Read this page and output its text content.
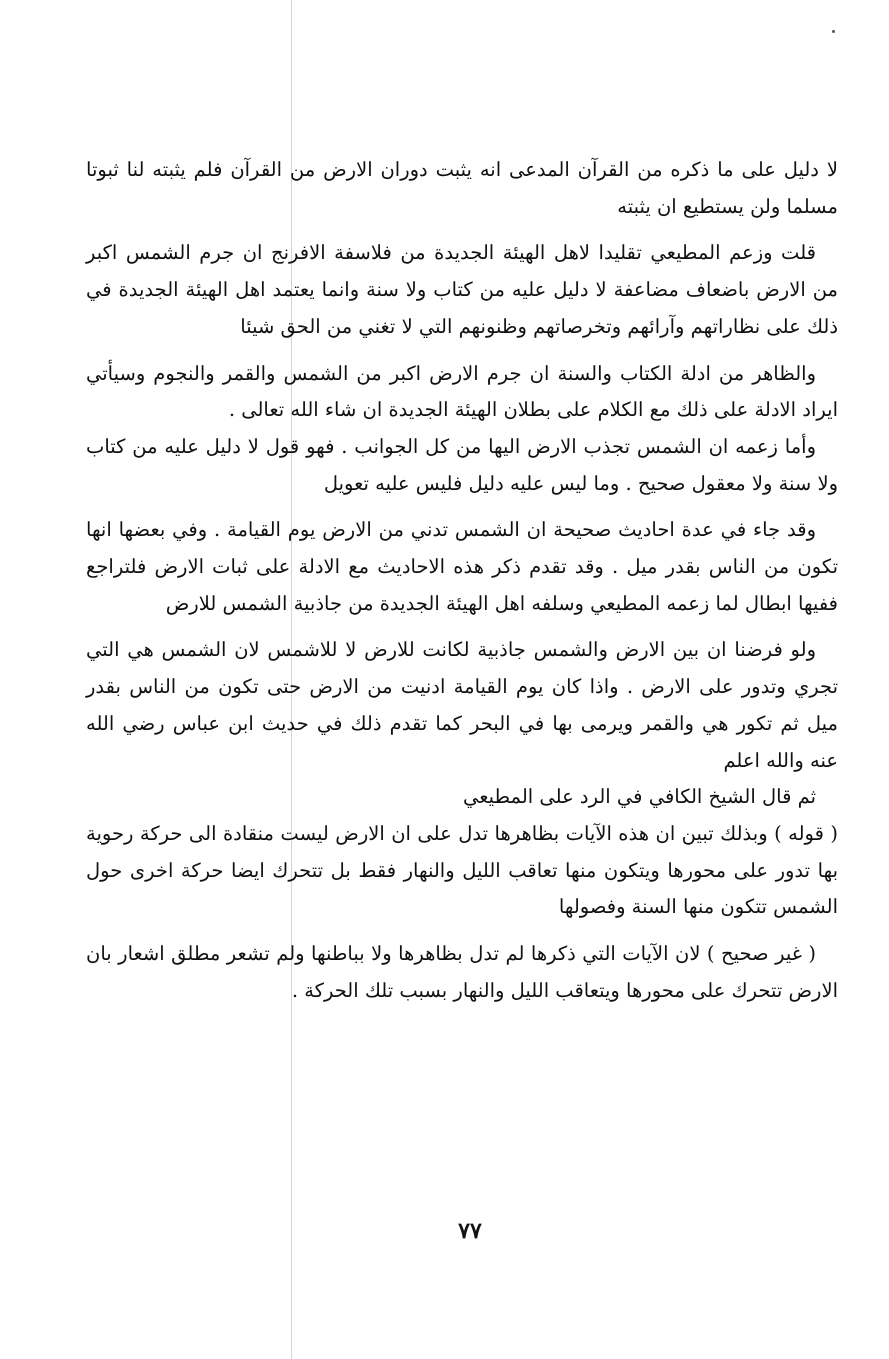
لا دليل على ما ذكره من القرآن المدعى انه يثبت دوران الارض من القرآن فلم يثبته لنا ثبوتا مسلما ولن يستطيع ان يثبته

قلت وزعم المطيعي تقليدا لاهل الهيئة الجديدة من فلاسفة الافرنج ان جرم الشمس اكبر من الارض باضعاف مضاعفة لا دليل عليه من كتاب ولا سنة وانما يعتمد اهل الهيئة الجديدة في ذلك على نظاراتهم وآرائهم وتخرصاتهم وظنونهم التي لا تغني من الحق شيئا

والظاهر من ادلة الكتاب والسنة ان جرم الارض اكبر من الشمس والقمر والنجوم وسيأتي ايراد الادلة على ذلك مع الكلام على بطلان الهيئة الجديدة ان شاء الله تعالى .

وأما زعمه ان الشمس تجذب الارض اليها من كل الجوانب . فهو قول لا دليل عليه من كتاب ولا سنة ولا معقول صحيح . وما ليس عليه دليل فليس عليه تعويل

وقد جاء في عدة احاديث صحيحة ان الشمس تدني من الارض يوم القيامة . وفي بعضها انها تكون من الناس بقدر ميل . وقد تقدم ذكر هذه الاحاديث مع الادلة على ثبات الارض فلتراجع ففيها ابطال لما زعمه المطيعي وسلفه اهل الهيئة الجديدة من جاذبية الشمس للارض

ولو فرضنا ان بين الارض والشمس جاذبية لكانت للارض لا للاشمس لان الشمس هي التي تجري وتدور على الارض . واذا كان يوم القيامة ادنيت من الارض حتى تكون من الناس بقدر ميل ثم تكور هي والقمر ويرمى بها في البحر كما تقدم ذلك في حديث ابن عباس رضي الله عنه والله اعلم

ثم قال الشيخ الكافي في الرد على المطيعي

( قوله ) وبذلك تبين ان هذه الآيات بظاهرها تدل على ان الارض ليست منقادة الى حركة رحوية بها تدور على محورها ويتكون منها تعاقب الليل والنهار فقط بل تتحرك ايضا حركة اخرى حول الشمس تتكون منها السنة وفصولها

( غير صحيح ) لان الآيات التي ذكرها لم تدل بظاهرها ولا بباطنها ولم تشعر مطلق اشعار بان الارض تتحرك على محورها ويتعاقب الليل والنهار بسبب تلك الحركة .

٧٧
